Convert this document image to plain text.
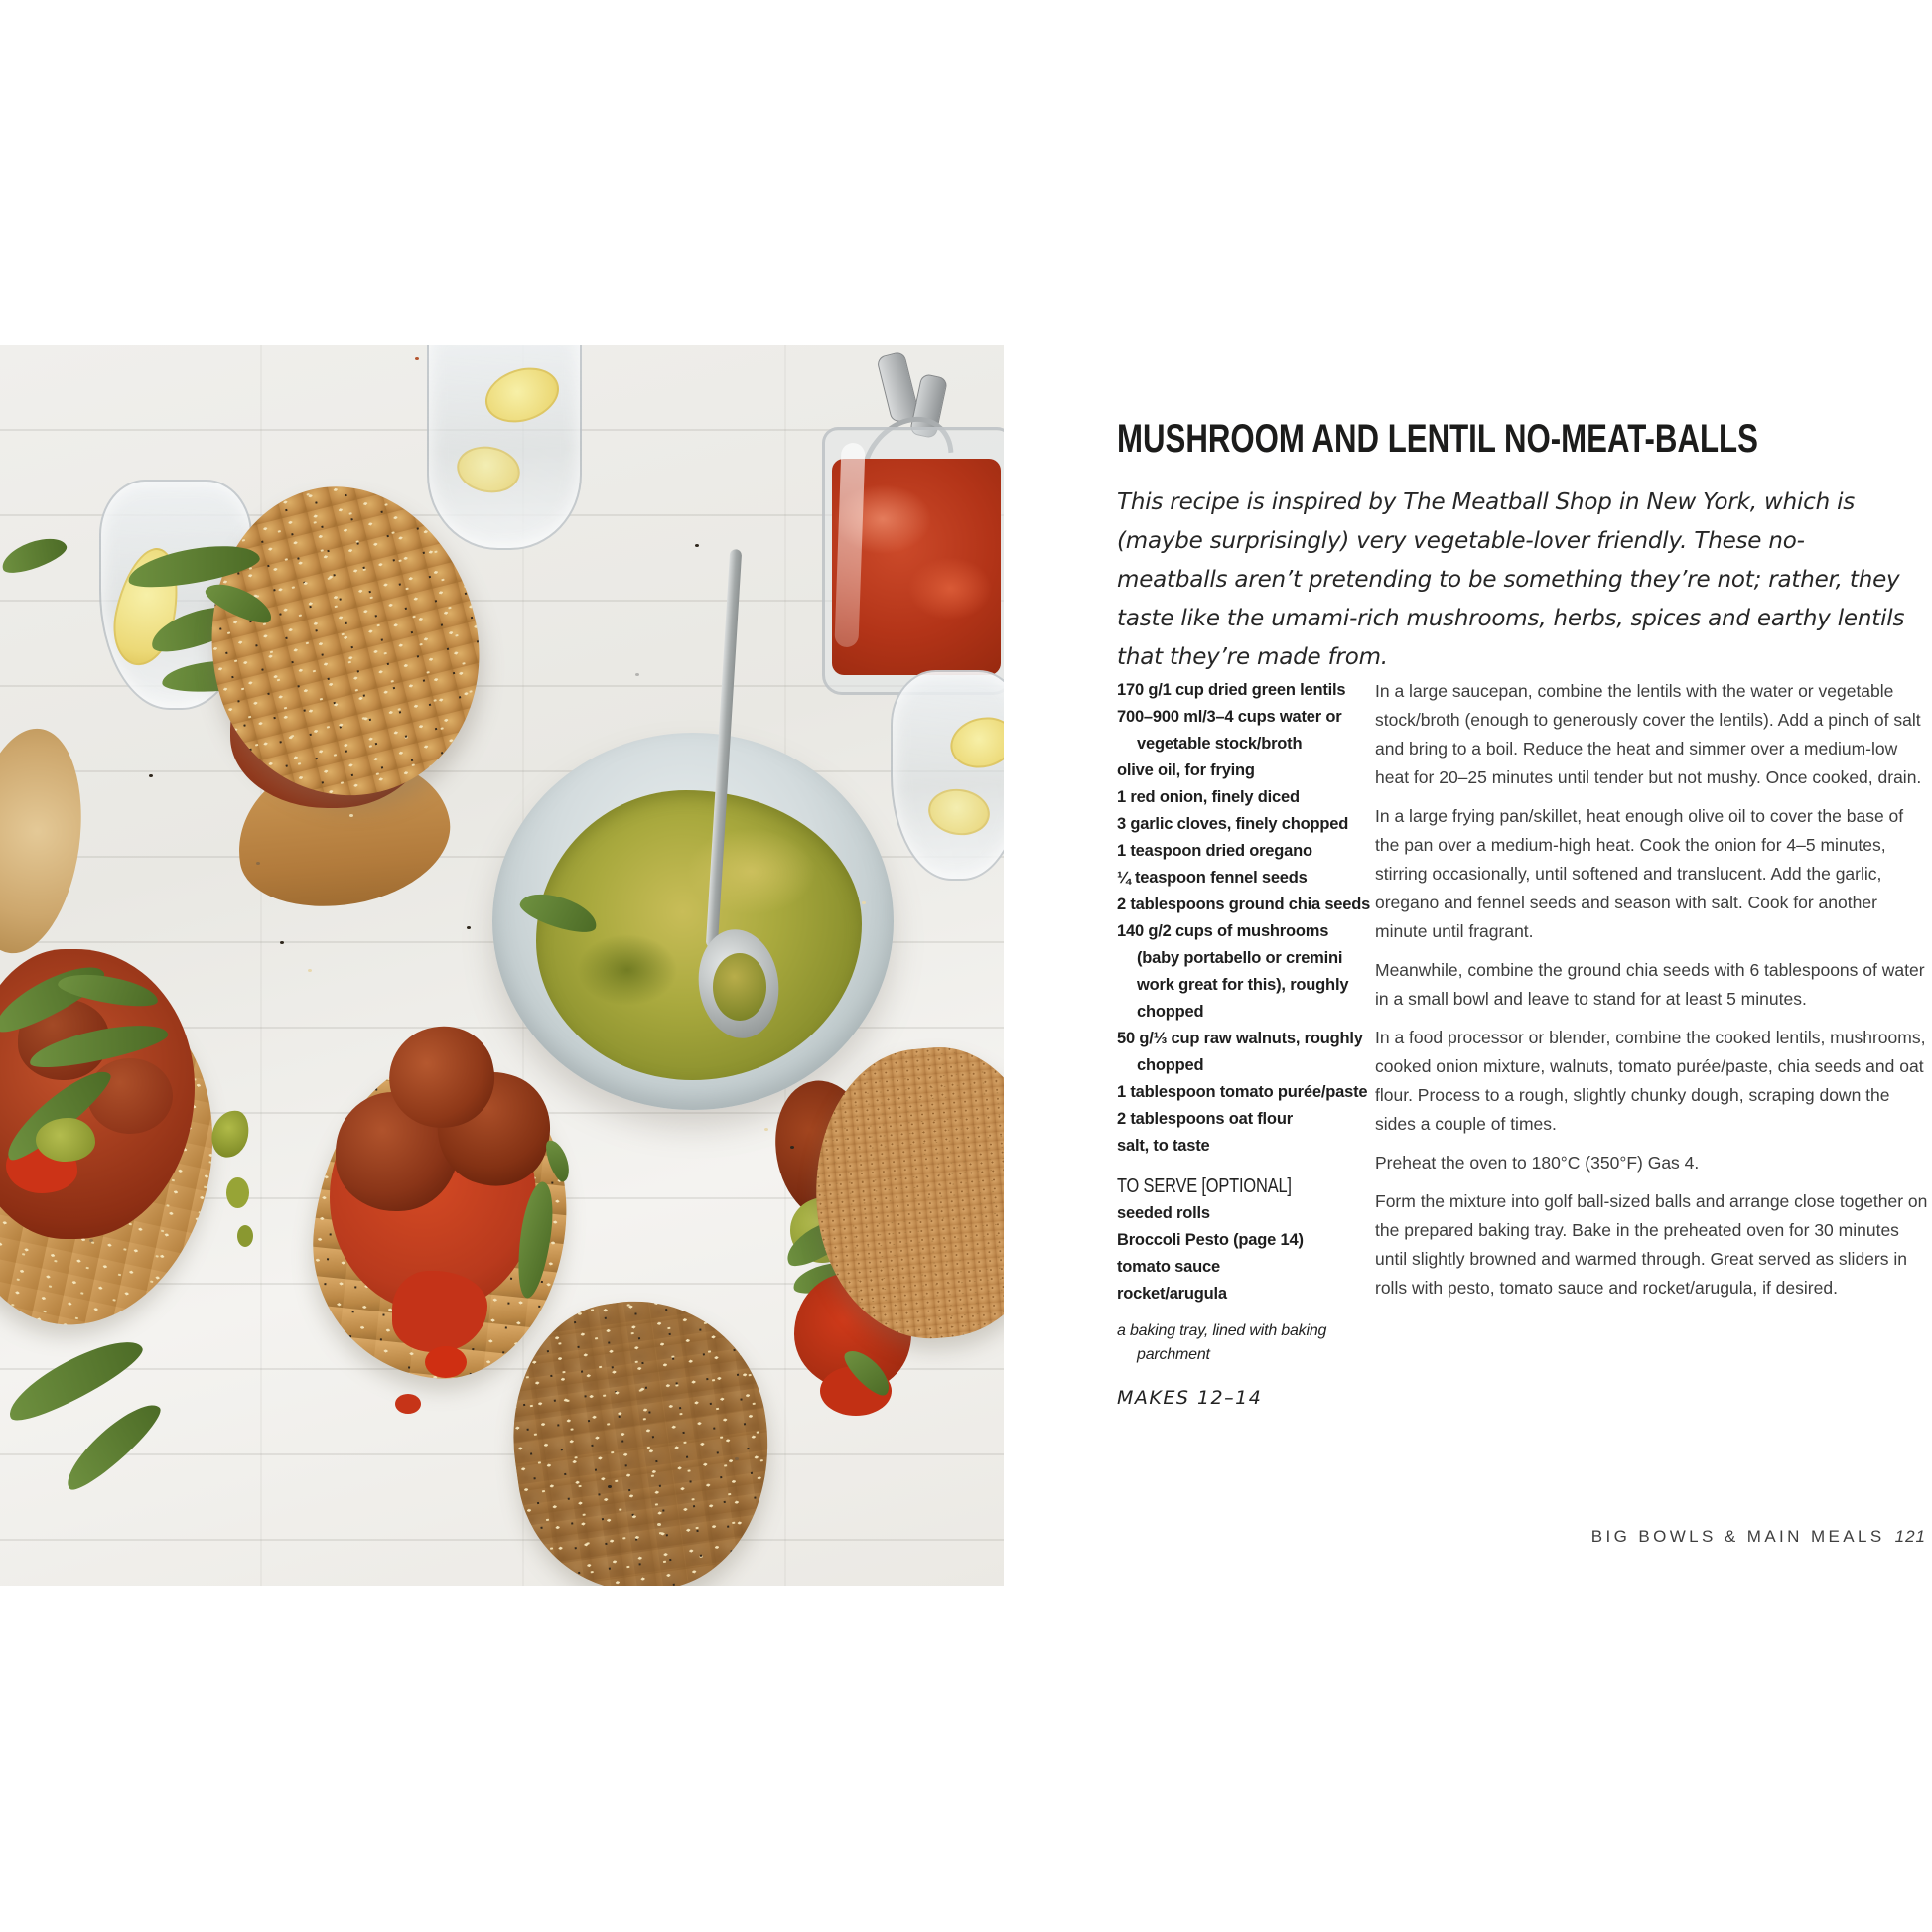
MUSHROOM AND LENTIL NO-MEAT-BALLS

This recipe is inspired by The Meatball Shop in New York, which is (maybe surprisingly) very vegetable-lover friendly. These no-meatballs aren’t pretending to be something they’re not; rather, they taste like the umami-rich mushrooms, herbs, spices and earthy lentils that they’re made from.

170 g/1 cup dried green lentils
700–900 ml/3–4 cups water or vegetable stock/broth
olive oil, for frying
1 red onion, finely diced
3 garlic cloves, finely chopped
1 teaspoon dried oregano
¼ teaspoon fennel seeds
2 tablespoons ground chia seeds
140 g/2 cups of mushrooms (baby portabello or cremini work great for this), roughly chopped
50 g/⅓ cup raw walnuts, roughly chopped
1 tablespoon tomato purée/paste
2 tablespoons oat flour
salt, to taste
TO SERVE [OPTIONAL]
seeded rolls
Broccoli Pesto (page 14)
tomato sauce
rocket/arugula
a baking tray, lined with baking parchment
MAKES 12–14

In a large saucepan, combine the lentils with the water or vegetable stock/broth (enough to generously cover the lentils). Add a pinch of salt and bring to a boil. Reduce the heat and simmer over a medium-low heat for 20–25 minutes until tender but not mushy. Once cooked, drain.

In a large frying pan/skillet, heat enough olive oil to cover the base of the pan over a medium-high heat. Cook the onion for 4–5 minutes, stirring occasionally, until softened and translucent. Add the garlic, oregano and fennel seeds and season with salt. Cook for another minute until fragrant.

Meanwhile, combine the ground chia seeds with 6 tablespoons of water in a small bowl and leave to stand for at least 5 minutes.

In a food processor or blender, combine the cooked lentils, mushrooms, cooked onion mixture, walnuts, tomato purée/paste, chia seeds and oat flour. Process to a rough, slightly chunky dough, scraping down the sides a couple of times.

Preheat the oven to 180°C (350°F) Gas 4.

Form the mixture into golf ball-sized balls and arrange close together on the prepared baking tray. Bake in the preheated oven for 30 minutes until slightly browned and warmed through. Great served as sliders in rolls with pesto, tomato sauce and rocket/arugula, if desired.

BIG BOWLS & MAIN MEALS 121
